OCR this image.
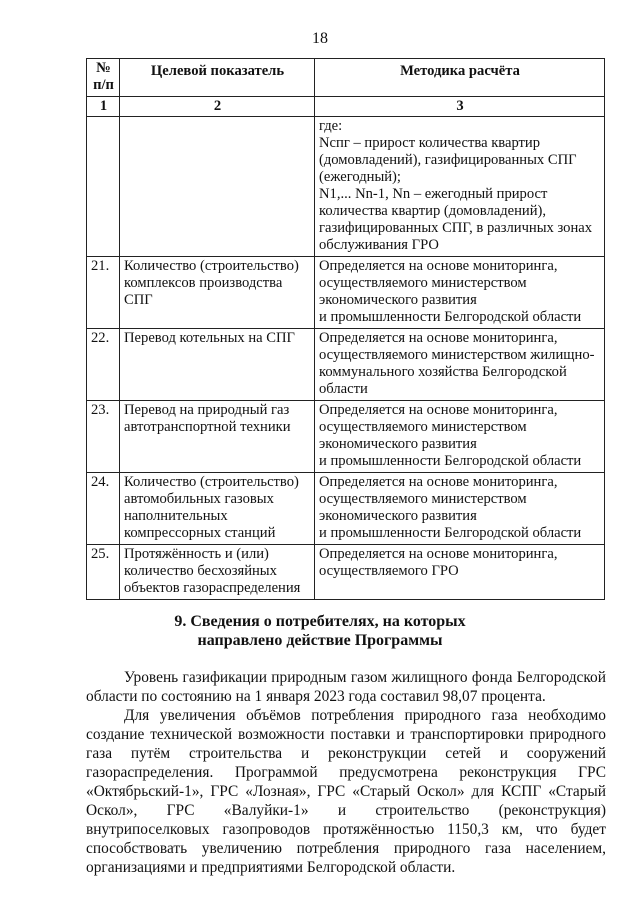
18
№
п/п	Целевой показатель	Методика расчёта
1	2	3
		где:
Nспг – прирост количества квартир (домовладений), газифицированных СПГ (ежегодный);
N1,... Nn-1, Nn – ежегодный прирост количества квартир (домовладений), газифицированных СПГ, в различных зонах обслуживания ГРО
21.	Количество (строительство) комплексов производства СПГ	Определяется на основе мониторинга, осуществляемого министерством экономического развития
и промышленности Белгородской области
22.	Перевод котельных на СПГ	Определяется на основе мониторинга, осуществляемого министерством жилищно-коммунального хозяйства Белгородской области
23.	Перевод на природный газ автотранспортной техники	Определяется на основе мониторинга, осуществляемого министерством экономического развития
и промышленности Белгородской области
24.	Количество (строительство) автомобильных газовых наполнительных компрессорных станций	Определяется на основе мониторинга, осуществляемого министерством экономического развития
и промышленности Белгородской области
25.	Протяжённость и (или) количество бесхозяйных объектов газораспределения	Определяется на основе мониторинга, осуществляемого ГРО
9. Сведения о потребителях, на которых
направлено действие Программы
Уровень газификации природным газом жилищного фонда Белгородской области по состоянию на 1 января 2023 года составил 98,07 процента.
Для увеличения объёмов потребления природного газа необходимо создание технической возможности поставки и транспортировки природного газа путём строительства и реконструкции сетей и сооружений газораспределения. Программой предусмотрена реконструкция ГРС «Октябрьский-1», ГРС «Лозная», ГРС «Старый Оскол» для КСПГ «Старый Оскол», ГРС «Валуйки-1» и строительство (реконструкция) внутрипоселковых газопроводов протяжённостью 1150,3 км, что будет способствовать увеличению потребления природного газа населением, организациями и предприятиями Белгородской области.
